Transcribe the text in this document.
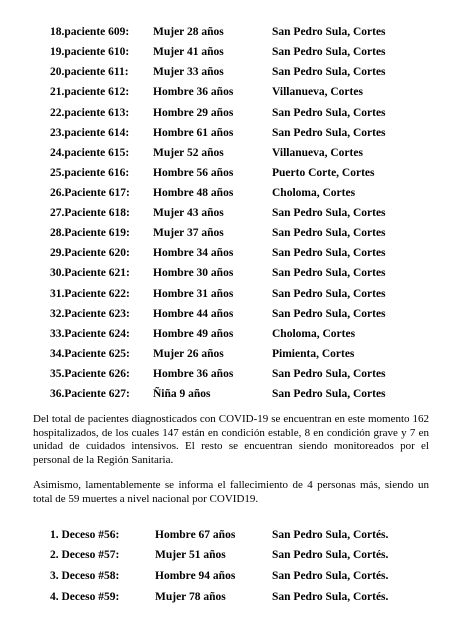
18.paciente 609: Mujer 28 años	San Pedro Sula, Cortes
19.paciente 610: Mujer 41 años	San Pedro Sula, Cortes
20.paciente 611: Mujer 33 años	San Pedro Sula, Cortes
21.paciente 612: Hombre 36 años	Villanueva, Cortes
22.paciente 613: Hombre 29 años	San Pedro Sula, Cortes
23.paciente 614: Hombre 61 años	San Pedro Sula, Cortes
24.paciente 615: Mujer 52 años	Villanueva, Cortes
25.paciente 616: Hombre 56 años	Puerto Corte, Cortes
26.Paciente 617: Hombre 48 años	Choloma, Cortes
27.Paciente 618: Mujer 43 años	San Pedro Sula, Cortes
28.Paciente 619: Mujer 37 años	San Pedro Sula, Cortes
29.Paciente 620: Hombre 34 años	San Pedro Sula, Cortes
30.Paciente 621: Hombre 30 años	San Pedro Sula, Cortes
31.Paciente 622: Hombre 31 años	San Pedro Sula, Cortes
32.Paciente 623: Hombre 44 años	San Pedro Sula, Cortes
33.Paciente 624: Hombre 49 años	Choloma, Cortes
34.Paciente 625: Mujer 26 años	Pimienta, Cortes
35.Paciente 626: Hombre 36 años	San Pedro Sula, Cortes
36.Paciente 627: Ñiña 9 años	San Pedro Sula, Cortes

Del total de pacientes diagnosticados con COVID-19 se encuentran en este momento 162 hospitalizados, de los cuales 147 están en condición estable, 8 en condición grave y 7 en unidad de cuidados intensivos. El resto se encuentran siendo monitoreados por el personal de la Región Sanitaria.

Asimismo, lamentablemente se informa el fallecimiento de 4 personas más, siendo un total de 59 muertes a nivel nacional por COVID19.

1. Deceso #56:	Hombre 67 años	San Pedro Sula, Cortés.
2. Deceso #57:	Mujer 51 años	San Pedro Sula, Cortés.
3. Deceso #58:	Hombre 94 años	San Pedro Sula, Cortés.
4. Deceso #59:	Mujer 78 años	San Pedro Sula, Cortés.
